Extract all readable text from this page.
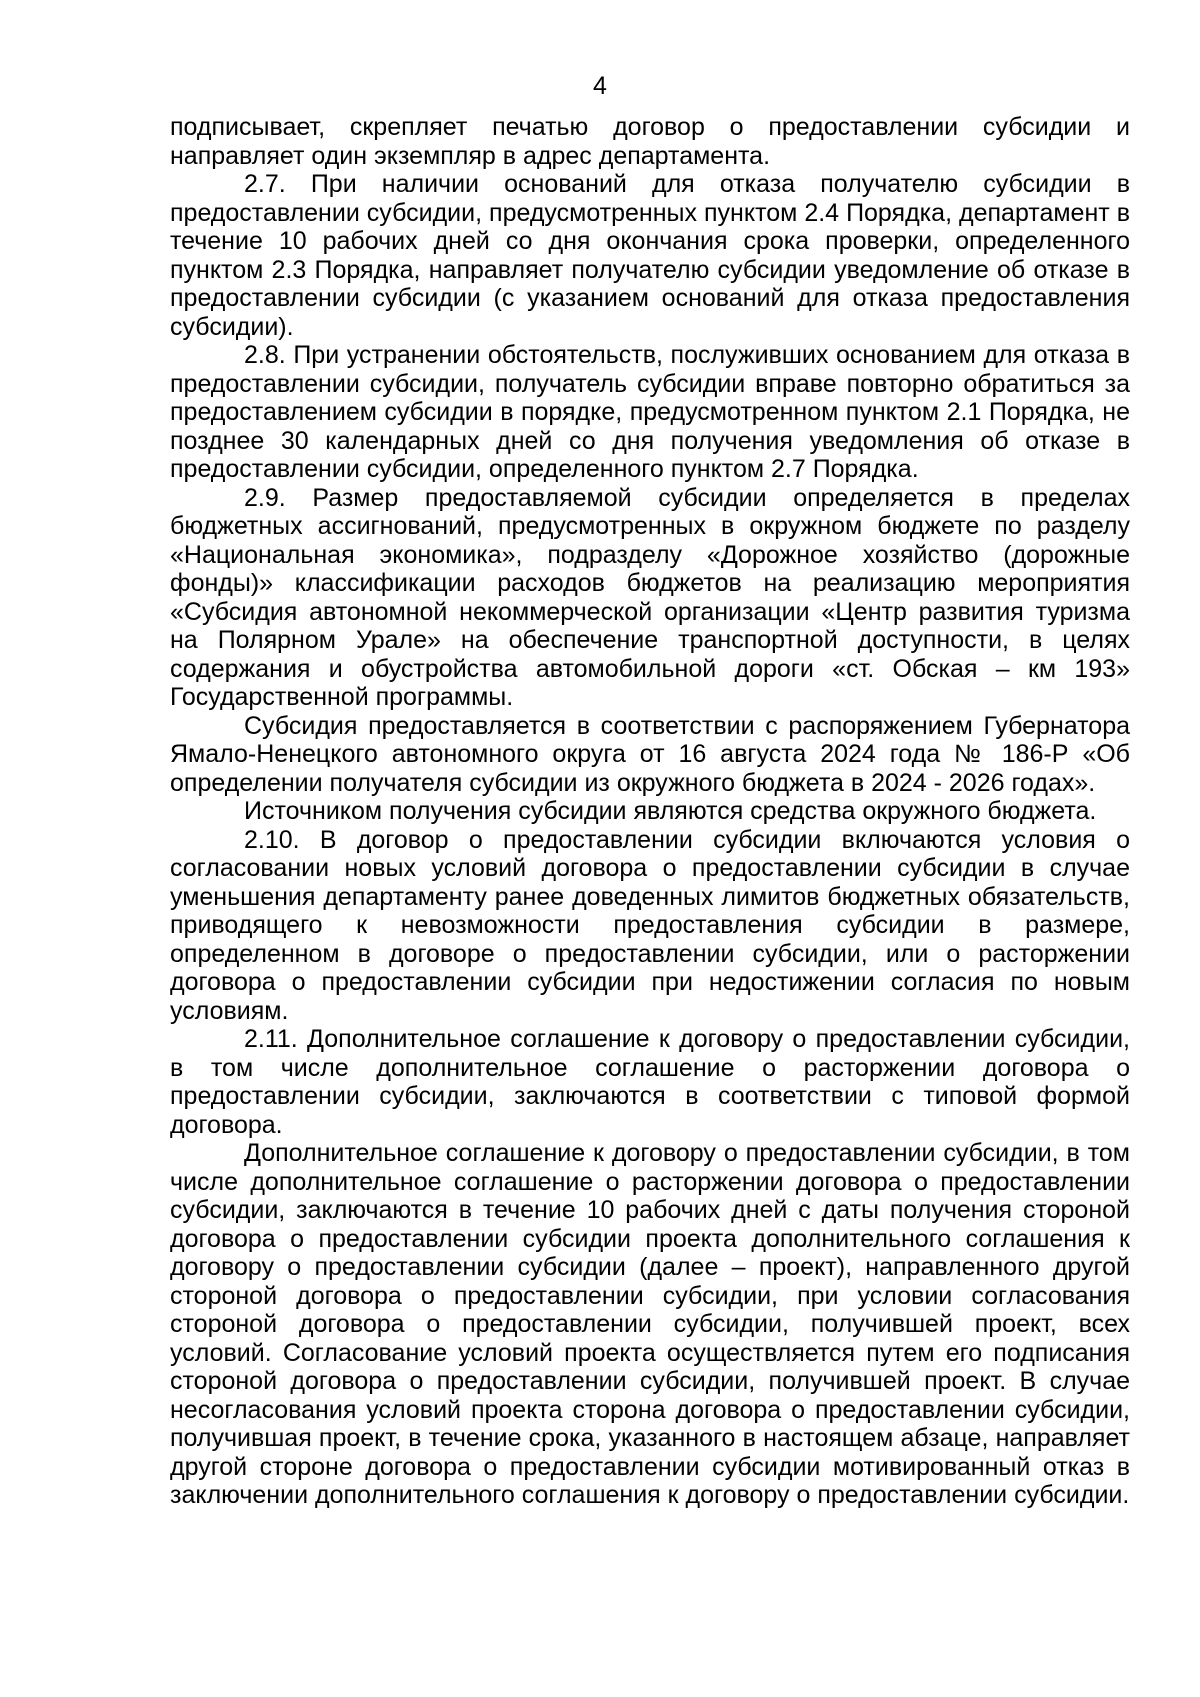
4

подписывает, скрепляет печатью договор о предоставлении субсидии и направляет один экземпляр в адрес департамента.

2.7. При наличии оснований для отказа получателю субсидии в предоставлении субсидии, предусмотренных пунктом 2.4 Порядка, департамент в течение 10 рабочих дней со дня окончания срока проверки, определенного пунктом 2.3 Порядка, направляет получателю субсидии уведомление об отказе в предоставлении субсидии (с указанием оснований для отказа предоставления субсидии).

2.8. При устранении обстоятельств, послуживших основанием для отказа в предоставлении субсидии, получатель субсидии вправе повторно обратиться за предоставлением субсидии в порядке, предусмотренном пунктом 2.1 Порядка, не позднее 30 календарных дней со дня получения уведомления об отказе в предоставлении субсидии, определенного пунктом 2.7 Порядка.

2.9. Размер предоставляемой субсидии определяется в пределах бюджетных ассигнований, предусмотренных в окружном бюджете по разделу «Национальная экономика», подразделу «Дорожное хозяйство (дорожные фонды)» классификации расходов бюджетов на реализацию мероприятия «Субсидия автономной некоммерческой организации «Центр развития туризма на Полярном Урале» на обеспечение транспортной доступности, в целях содержания и обустройства автомобильной дороги «ст. Обская – км 193» Государственной программы.

Субсидия предоставляется в соответствии с распоряжением Губернатора Ямало-Ненецкого автономного округа от 16 августа 2024 года № 186-Р «Об определении получателя субсидии из окружного бюджета в 2024 - 2026 годах».

Источником получения субсидии являются средства окружного бюджета.

2.10. В договор о предоставлении субсидии включаются условия о согласовании новых условий договора о предоставлении субсидии в случае уменьшения департаменту ранее доведенных лимитов бюджетных обязательств, приводящего к невозможности предоставления субсидии в размере, определенном в договоре о предоставлении субсидии, или о расторжении договора о предоставлении субсидии при недостижении согласия по новым условиям.

2.11. Дополнительное соглашение к договору о предоставлении субсидии, в том числе дополнительное соглашение о расторжении договора о предоставлении субсидии, заключаются в соответствии с типовой формой договора.

Дополнительное соглашение к договору о предоставлении субсидии, в том числе дополнительное соглашение о расторжении договора о предоставлении субсидии, заключаются в течение 10 рабочих дней с даты получения стороной договора о предоставлении субсидии проекта дополнительного соглашения к договору о предоставлении субсидии (далее – проект), направленного другой стороной договора о предоставлении субсидии, при условии согласования стороной договора о предоставлении субсидии, получившей проект, всех условий. Согласование условий проекта осуществляется путем его подписания стороной договора о предоставлении субсидии, получившей проект. В случае несогласования условий проекта сторона договора о предоставлении субсидии, получившая проект, в течение срока, указанного в настоящем абзаце, направляет другой стороне договора о предоставлении субсидии мотивированный отказ в заключении дополнительного соглашения к договору о предоставлении субсидии.
